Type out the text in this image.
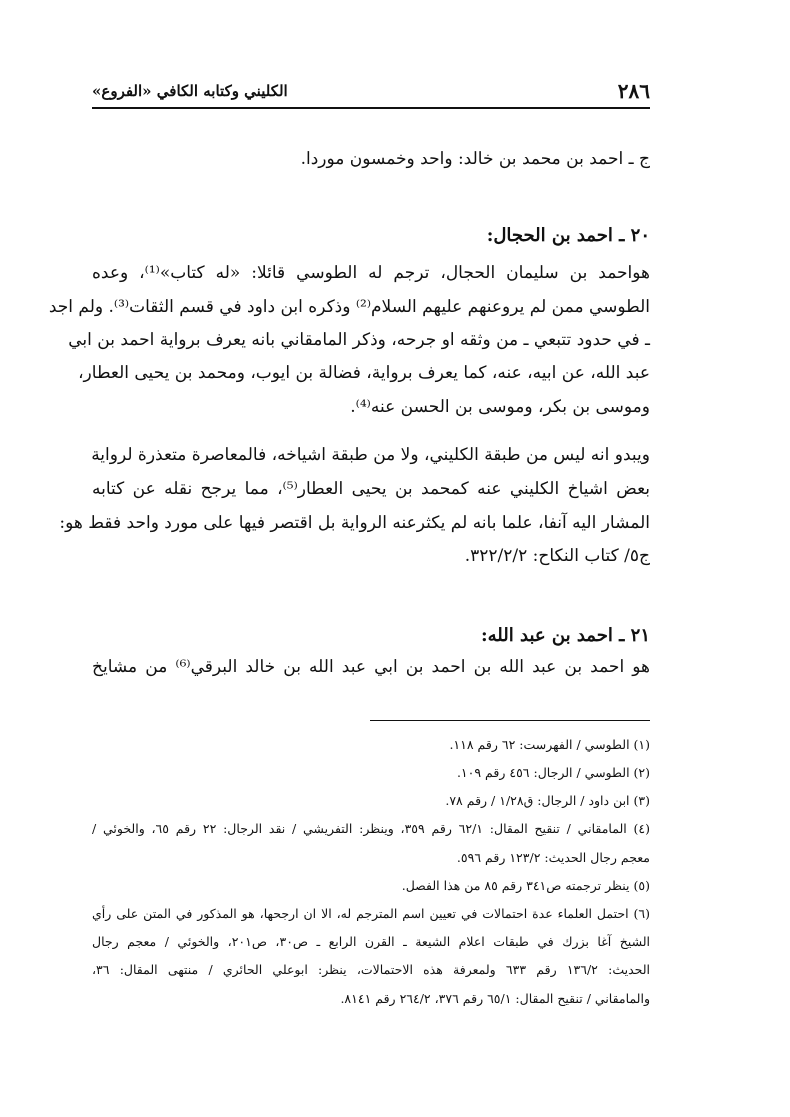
٢٨٦
الكليني وكتابه الكافي «الفروع»
ج ـ احمد بن محمد بن خالد: واحد وخمسون موردا.
٢٠ ـ احمد بن الحجال:
هواحمد بن سليمان الحجال، ترجم له الطوسي قائلا: «له كتاب»⁽¹⁾، وعده
الطوسي ممن لم يروعنهم عليهم السلام⁽²⁾ وذكره ابن داود في قسم الثقات⁽³⁾. ولم اجد
ـ في حدود تتبعي ـ من وثقه او جرحه، وذكر المامقاني بانه يعرف برواية احمد بن ابي
عبد الله، عن ابيه، عنه، كما يعرف برواية، فضالة بن ايوب، ومحمد بن يحيى العطار،
وموسى بن بكر، وموسى بن الحسن عنه⁽⁴⁾.
ويبدو انه ليس من طبقة الكليني، ولا من طبقة اشياخه، فالمعاصرة متعذرة لرواية
بعض اشياخ الكليني عنه كمحمد بن يحيى العطار⁽⁵⁾، مما يرجح نقله عن كتابه
المشار اليه آنفا، علما بانه لم يكثرعنه الرواية بل اقتصر فيها على مورد واحد فقط هو:
ج٥/ كتاب النكاح: ٣٢٢/٢/٢.
٢١ ـ احمد بن عبد الله:
هو احمد بن عبد الله بن احمد بن ابي عبد الله بن خالد البرقي⁽⁶⁾ من مشايخ
(١) الطوسي / الفهرست: ٦٢ رقم ١١٨.
(٢) الطوسي / الرجال: ٤٥٦ رقم ١٠٩.
(٣) ابن داود / الرجال: ق١/٢٨ / رقم ٧٨.
(٤) المامقاني / تنقيح المقال: ٦٢/١ رقم ٣٥٩، وينظر: التفريشي / نقد الرجال: ٢٢ رقم ٦٥، والخوئي /
معجم رجال الحديث: ١٢٣/٢ رقم ٥٩٦.
(٥) ينظر ترجمته ص٣٤١ رقم ٨٥ من هذا الفصل.
(٦) احتمل العلماء عدة احتمالات في تعيين اسم المترجم له، الا ان ارجحها، هو المذكور في المتن على رأي
الشيخ آغا بزرك في طبقات اعلام الشيعة ـ القرن الرابع ـ ص٣٠، ص٢٠١، والخوئي / معجم رجال
الحديث: ١٣٦/٢ رقم ٦٣٣ ولمعرفة هذه الاحتمالات، ينظر: ابوعلي الحائري / منتهى المقال: ٣٦،
والمامقاني / تنقيح المقال: ٦٥/١ رقم ٣٧٦، ٢٦٤/٢ رقم ٨١٤١.
